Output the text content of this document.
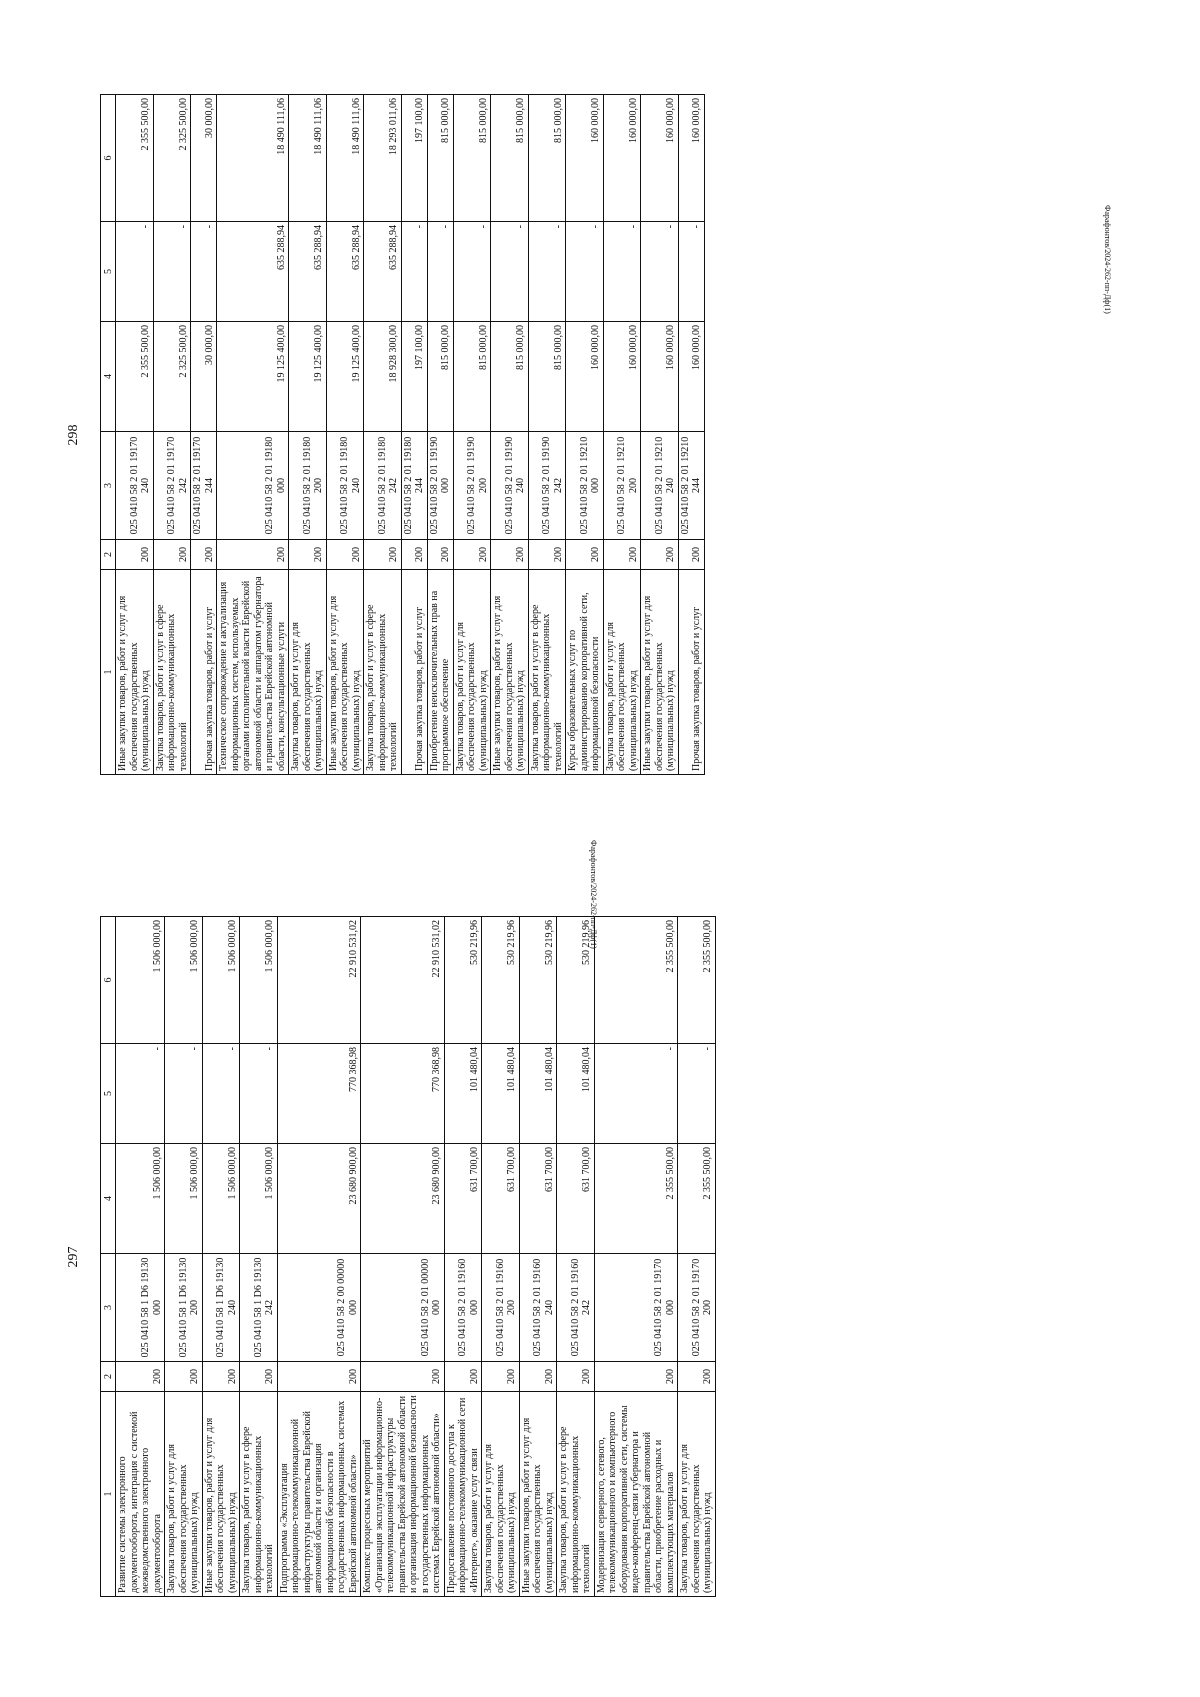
297
1	2	3	4	5	6
Развитие системы электронного документооборота, интеграция с системой межведомственного электронного документооборота	200	025 0410 58 1 D6 19130 000	1 506 000,00	-	1 506 000,00
Закупка товаров, работ и услуг для обеспечения государственных (муниципальных) нужд	200	025 0410 58 1 D6 19130 200	1 506 000,00	-	1 506 000,00
Иные закупки товаров, работ и услуг для обеспечения государственных (муниципальных) нужд	200	025 0410 58 1 D6 19130 240	1 506 000,00	-	1 506 000,00
Закупка товаров, работ и услуг в сфере информационно-коммуникационных технологий	200	025 0410 58 1 D6 19130 242	1 506 000,00	-	1 506 000,00
Подпрограмма «Эксплуатация информационно-телекоммуникационной инфраструктуры правительства Еврейской автономной области и организация информационной безопасности в государственных информационных системах Еврейской автономной области»	200	025 0410 58 2 00 00000 000	23 680 900,00	770 368,98	22 910 531,02
Комплекс процессных мероприятий «Организация эксплуатации информационно-телекоммуникационной инфраструктуры правительства Еврейской автономной области и организация информационной безопасности в государственных информационных системах Еврейской автономной области»	200	025 0410 58 2 01 00000 000	23 680 900,00	770 368,98	22 910 531,02
Предоставление постоянного доступа к информационно-телекоммуникационной сети «Интернет», оказание услуг связи	200	025 0410 58 2 01 19160 000	631 700,00	101 480,04	530 219,96
Закупка товаров, работ и услуг для обеспечения государственных (муниципальных) нужд	200	025 0410 58 2 01 19160 200	631 700,00	101 480,04	530 219,96
Иные закупки товаров, работ и услуг для обеспечения государственных (муниципальных) нужд	200	025 0410 58 2 01 19160 240	631 700,00	101 480,04	530 219,96
Закупка товаров, работ и услуг в сфере информационно-коммуникационных технологий	200	025 0410 58 2 01 19160 242	631 700,00	101 480,04	530 219,96
Модернизация серверного, сетевого, телекоммуникационного и компьютерного оборудования корпоративной сети, системы видео-конференц-связи губернатора и правительства Еврейской автономной области, приобретение расходных и комплектующих материалов	200	025 0410 58 2 01 19170 000	2 355 500,00	-	2 355 500,00
Закупка товаров, работ и услуг для обеспечения государственных (муниципальных) нужд	200	025 0410 58 2 01 19170 200	2 355 500,00	-	2 355 500,00
298
1	2	3	4	5	6
Иные закупки товаров, работ и услуг для обеспечения государственных (муниципальных) нужд	200	025 0410 58 2 01 19170 240	2 355 500,00	-	2 355 500,00
Закупка товаров, работ и услуг в сфере информационно-коммуникационных технологий	200	025 0410 58 2 01 19170 242	2 325 500,00	-	2 325 500,00
Прочая закупка товаров, работ и услуг	200	025 0410 58 2 01 19170 244	30 000,00	-	30 000,00
Техническое сопровождение и актуализация информационных систем, используемых органами исполнительной власти Еврейской автономной области и аппаратом губернатора и правительства Еврейской автономной области, консультационные услуги	200	025 0410 58 2 01 19180 000	19 125 400,00	635 288,94	18 490 111,06
Закупка товаров, работ и услуг для обеспечения государственных (муниципальных) нужд	200	025 0410 58 2 01 19180 200	19 125 400,00	635 288,94	18 490 111,06
Иные закупки товаров, работ и услуг для обеспечения государственных (муниципальных) нужд	200	025 0410 58 2 01 19180 240	19 125 400,00	635 288,94	18 490 111,06
Закупка товаров, работ и услуг в сфере информационно-коммуникационных технологий	200	025 0410 58 2 01 19180 242	18 928 300,00	635 288,94	18 293 011,06
Прочая закупка товаров, работ и услуг	200	025 0410 58 2 01 19180 244	197 100,00	-	197 100,00
Приобретение неисключительных прав на программное обеспечение	200	025 0410 58 2 01 19190 000	815 000,00	-	815 000,00
Закупка товаров, работ и услуг для обеспечения государственных (муниципальных) нужд	200	025 0410 58 2 01 19190 200	815 000,00	-	815 000,00
Иные закупки товаров, работ и услуг для обеспечения государственных (муниципальных) нужд	200	025 0410 58 2 01 19190 240	815 000,00	-	815 000,00
Закупка товаров, работ и услуг в сфере информационно-коммуникационных технологий	200	025 0410 58 2 01 19190 242	815 000,00	-	815 000,00
Курсы образовательных услуг по администрированию корпоративной сети, информационной безопасности	200	025 0410 58 2 01 19210 000	160 000,00	-	160 000,00
Закупка товаров, работ и услуг для обеспечения государственных (муниципальных) нужд	200	025 0410 58 2 01 19210 200	160 000,00	-	160 000,00
Иные закупки товаров, работ и услуг для обеспечения государственных (муниципальных) нужд	200	025 0410 58 2 01 19210 240	160 000,00	-	160 000,00
Прочая закупка товаров, работ и услуг	200	025 0410 58 2 01 19210 244	160 000,00	-	160 000,00
Фарафонтов/2024-262-пп-Дф(1)
Фарафонтов/2024-262-пп-Дф(1)
